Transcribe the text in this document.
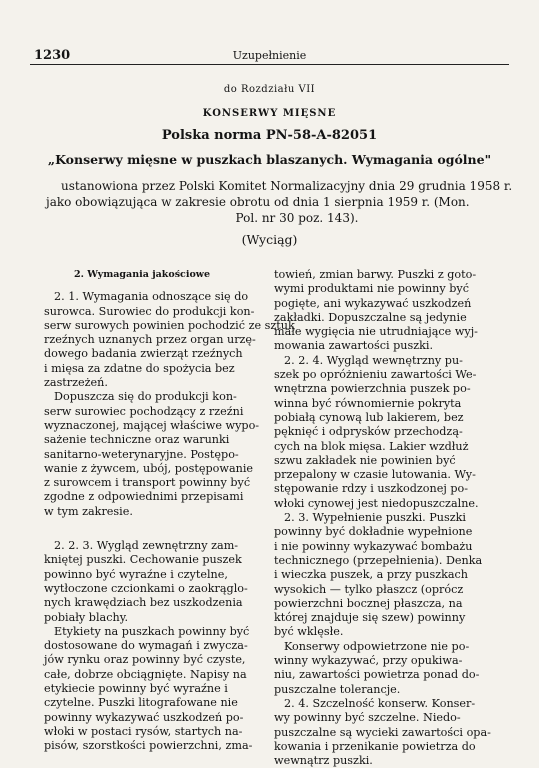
1230	Uzupełnienie
do Rozdziału VII
KONSERWY MIĘSNE
Polska norma PN-58-A-82051
„Konserwy mięsne w puszkach blaszanych. Wymagania ogólne"
ustanowiona przez Polski Komitet Normalizacyjny dnia 29 grudnia 1958 r.
jako obowiązująca w zakresie obrotu od dnia 1 sierpnia 1959 r. (Mon.
Pol. nr 30 poz. 143).
(Wyciąg)
2. Wymagania jakościowe
2. 1. Wymagania odnoszące się do
surowca. Surowiec do produkcji kon-
serw surowych powinien pochodzić ze sztuk
rzeźnych uznanych przez organ urzę-
dowego badania zwierząt rzeźnych
i mięsa za zdatne do spożycia bez
zastrzeżeń.
Dopuszcza się do produkcji kon-
serw surowiec pochodzący z rzeźni
wyznaczonej, mającej właściwe wypo-
sażenie techniczne oraz warunki
sanitarno-weterynaryjne. Postępo-
wanie z żywcem, ubój, postępowanie
z surowcem i transport powinny być
zgodne z odpowiednimi przepisami
w tym zakresie.
2. 2. 3. Wygląd zewnętrzny zam-
kniętej puszki. Cechowanie puszek
powinno być wyraźne i czytelne,
wytłoczone czcionkami o zaokrąglo-
nych krawędziach bez uszkodzenia
pobiały blachy.
Etykiety na puszkach powinny być
dostosowane do wymagań i zwycza-
jów rynku oraz powinny być czyste,
całe, dobrze obciągnięte. Napisy na
etykiecie powinny być wyraźne i
czytelne. Puszki litografowane nie
powinny wykazywać uszkodzeń po-
włoki w postaci rysów, startych na-
pisów, szorstkości powierzchni, zma-
towień, zmian barwy. Puszki z goto-
wymi produktami nie powinny być
pogięte, ani wykazywać uszkodzeń
zakładki. Dopuszczalne są jedynie
małe wygięcia nie utrudniające wyj-
mowania zawartości puszki.
2. 2. 4. Wygląd wewnętrzny pu-
szek po opróżnieniu zawartości We-
wnętrzna powierzchnia puszek po-
winna być równomiernie pokryta
pobiałą cynową lub lakierem, bez
pęknięć i odprysków przechodzą-
cych na blok mięsa. Lakier wzdłuż
szwu zakładek nie powinien być
przepalony w czasie lutowania. Wy-
stępowanie rdzy i uszkodzonej po-
włoki cynowej jest niedopuszczalne.
2. 3. Wypełnienie puszki. Puszki
powinny być dokładnie wypełnione
i nie powinny wykazywać bombażu
technicznego (przepełnienia). Denka
i wieczka puszek, a przy puszkach
wysokich — tylko płaszcz (oprócz
powierzchni bocznej płaszcza, na
której znajduje się szew) powinny
być wklęsłe.
Konserwy odpowietrzone nie po-
winny wykazywać, przy opukiwa-
niu, zawartości powietrza ponad do-
puszczalne tolerancje.
2. 4. Szczelność konserw. Konser-
wy powinny być szczelne. Niedo-
puszczalne są wycieki zawartości opa-
kowania i przenikanie powietrza do
wewnątrz puszki.
